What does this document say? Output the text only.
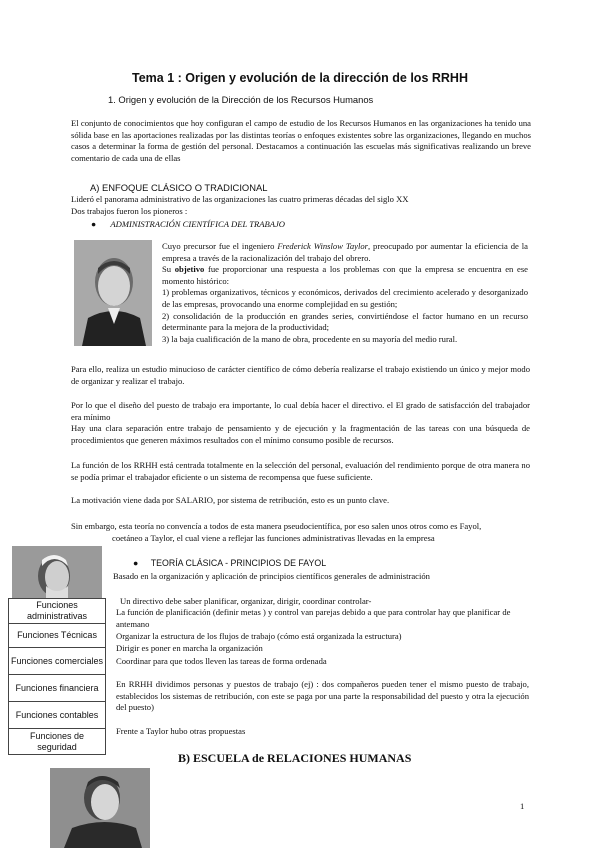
Tema 1 : Origen y evolución de la dirección de los RRHH
1. Origen y evolución de la Dirección de los Recursos Humanos
El conjunto de conocimientos que hoy configuran el campo de estudio de los Recursos Humanos en las organizaciones ha tenido una sólida base en las aportaciones realizadas por las distintas teorías o enfoques existentes sobre las organizaciones, llegando en muchos casos a determinar la forma de gestión del personal. Destacamos a continuación las escuelas más significativas realizando un breve comentario de cada una de ellas
A) ENFOQUE CLÁSICO O TRADICIONAL
Lideró el panorama administrativo de las organizaciones las cuatro primeras décadas del siglo XX
Dos trabajos fueron los pioneros :
● ADMINISTRACIÓN CIENTÍFICA DEL TRABAJO
Cuyo precursor fue el ingeniero Frederick Winslow Taylor, preocupado por aumentar la eficiencia de la empresa a través de la racionalización del trabajo del obrero.
Su objetivo fue proporcionar una respuesta a los problemas con que la empresa se encuentra en ese momento histórico:
1) problemas organizativos, técnicos y económicos, derivados del crecimiento acelerado y desorganizado de las empresas, provocando una enorme complejidad en su gestión;
2) consolidación de la producción en grandes series, convirtiéndose el factor humano en un recurso determinante para la mejora de la productividad;
3) la baja cualificación de la mano de obra, procedente en su mayoría del medio rural.
Para ello, realiza un estudio minucioso de carácter científico de cómo debería realizarse el trabajo existiendo un único y mejor modo de organizar y realizar el trabajo.
Por lo que el diseño del puesto de trabajo era importante, lo cual debía hacer el directivo. el El grado de satisfacción del trabajador era mínimo
Hay una clara separación entre trabajo de pensamiento y de ejecución y la fragmentación de las tareas con una búsqueda de procedimientos que generen máximos resultados con el mínimo consumo posible de recursos.
La función de los RRHH está centrada totalmente en la selección del personal, evaluación del rendimiento porque de otra manera no se podía primar el trabajador eficiente o un sistema de recompensa que fuese suficiente.
La motivación viene dada por SALARIO, por sistema de retribución, esto es un punto clave.
Sin embargo, esta teoría no convencía a todos de esta manera pseudocientífica, por eso salen unos otros como es Fayol,
coetáneo a Taylor, el cual viene a reflejar las funciones administrativas llevadas en la empresa
Funciones administrativas
Funciones Técnicas
Funciones comerciales
Funciones financiera
Funciones contables
Funciones de seguridad
● TEORÍA CLÁSICA - PRINCIPIOS DE FAYOL
Basado en la organización y aplicación de principios científicos generales de administración
Un directivo debe saber planificar, organizar, dirigir, coordinar controlar-
La función de planificación (definir metas ) y control van parejas debido a que para controlar hay que planificar de antemano
Organizar la estructura de los flujos de trabajo (cómo está organizada la estructura)
Dirigir es poner en marcha la organización
Coordinar para que todos lleven las tareas de forma ordenada
En RRHH dividimos personas y puestos de trabajo (ej) : dos compañeros pueden tener el mismo puesto de trabajo, establecidos los sistemas de retribución, con este se paga por una parte la responsabilidad del puesto y otra la ejecución del puesto)
Frente a Taylor hubo otras propuestas
B) ESCUELA de RELACIONES HUMANAS
1
